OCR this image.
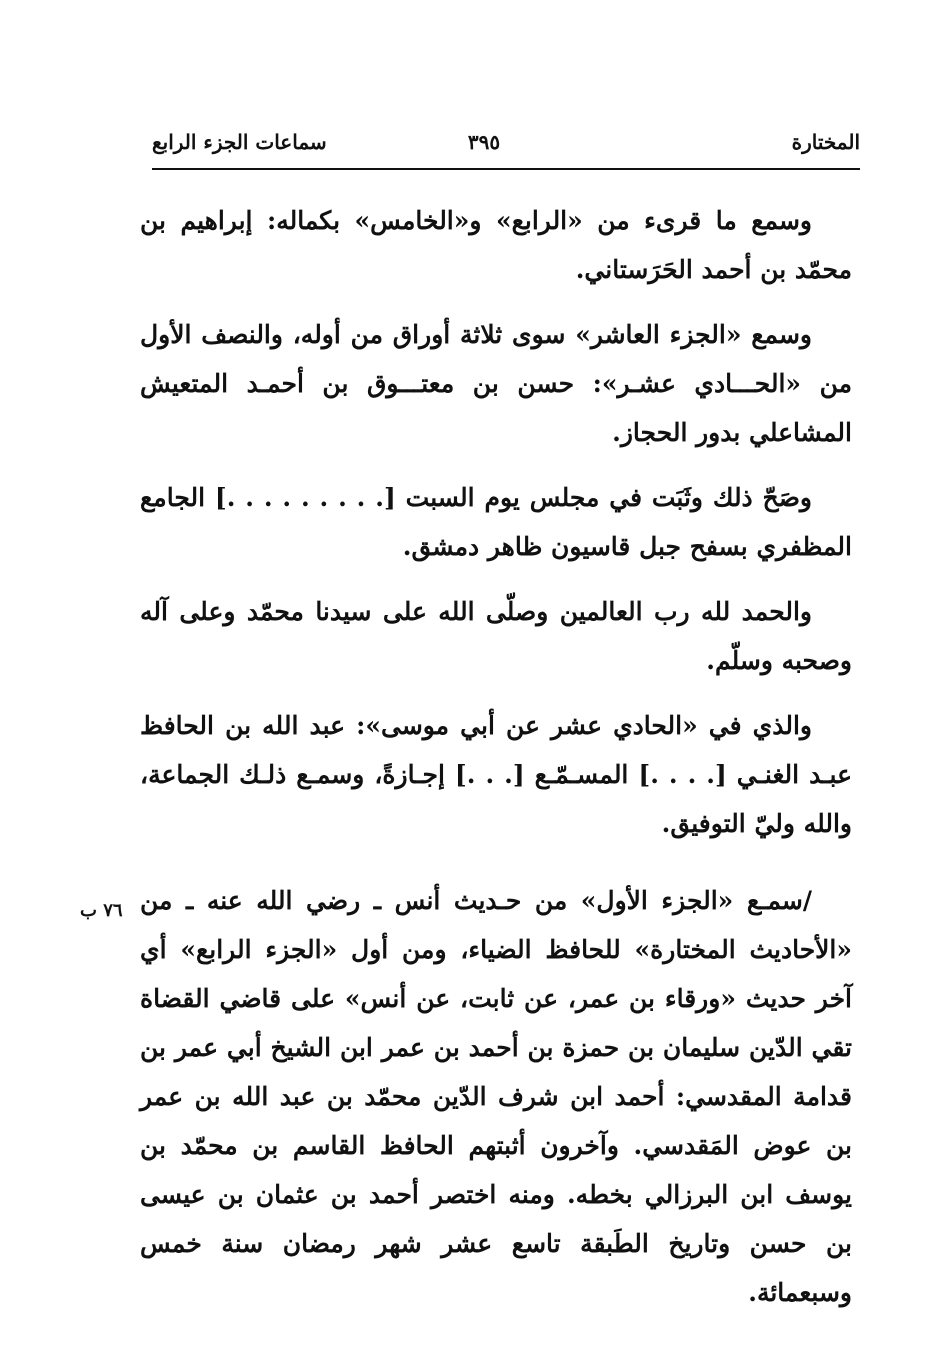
المختارة
٣٩٥
سماعات الجزء الرابع
٧٦ ب

وسمع ما قرىء من «الرابع» و«الخامس» بكماله: إبراهيم بن محمّد بن أحمد الحَرَستاني.

وسمع «الجزء العاشر» سوى ثلاثة أوراق من أوله، والنصف الأول من «الحـــادي عشـر»: حسن بن معتـــوق بن أحمـد المتعيش المشاعلي بدور الحجاز.

وصَحّ ذلك وثَبَت في مجلس يوم السبت [. . . . . . . . .] الجامع المظفري بسفح جبل قاسيون ظاهر دمشق.

والحمد لله رب العالمين وصلّى الله على سيدنا محمّد وعلى آله وصحبه وسلّم.

والذي في «الحادي عشر عن أبي موسى»: عبد الله بن الحافظ عبـد الغنـي [. . . .] المسـمّـع [. . .] إجـازةً، وسمـع ذلـك الجماعة، والله وليّ التوفيق.

/سمـع «الجزء الأول» من حـديث أنس ـ رضي الله عنه ـ من «الأحاديث المختارة» للحافظ الضياء، ومن أول «الجزء الرابع» أي آخر حديث «ورقاء بن عمر، عن ثابت، عن أنس» على قاضي القضاة تقي الدّين سليمان بن حمزة بن أحمد بن عمر ابن الشيخ أبي عمر بن قدامة المقدسي: أحمد ابن شرف الدّين محمّد بن عبد الله بن عمر بن عوض المَقدسي. وآخرون أثبتهم الحافظ القاسم بن محمّد بن يوسف ابن البرزالي بخطه. ومنه اختصر أحمد بن عثمان بن عيسى بن حسن وتاريخ الطَبقة تاسع عشر شهر رمضان سنة خمس وسبعمائة.
